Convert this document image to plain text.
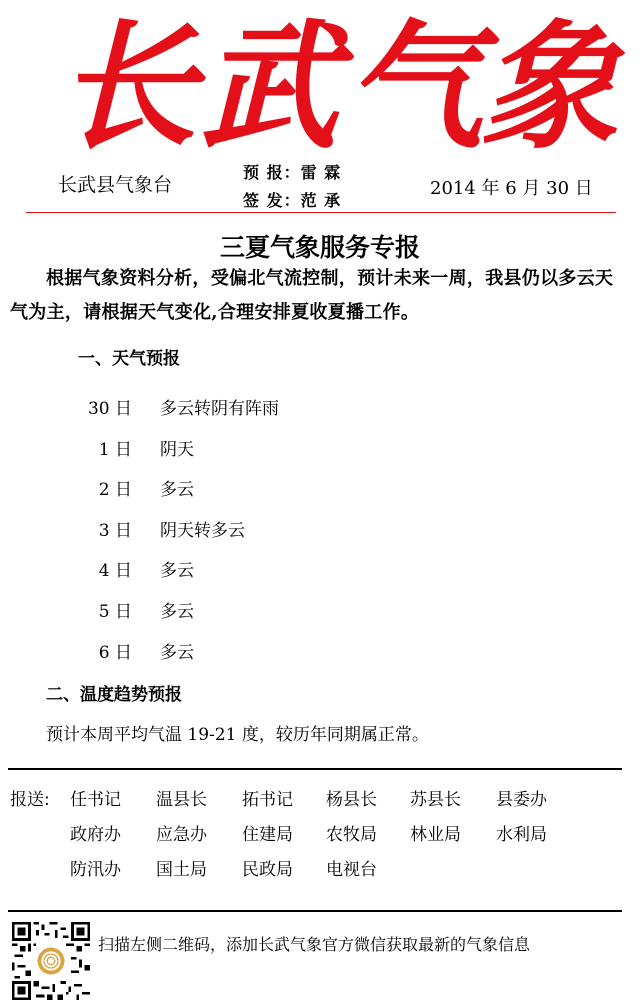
长 武 气
象
长武县气象台
预 报：雷 霖
签 发：范 承
2014 年 6 月 30 日
三夏气象服务专报
根据气象资料分析，受偏北气流控制，预计未来一周，我县仍以多云天气为主，请根据天气变化,合理安排夏收夏播工作。
一、天气预报
30 日 多云转阴有阵雨
1 日 阴天
2 日 多云
3 日 阴天转多云
4 日 多云
5 日 多云
6 日 多云
二、温度趋势预报
预计本周平均气温 19-21 度，较历年同期属正常。
报送: 任书记 温县长 拓书记 杨县长 苏县长 县委办
政府办 应急办 住建局 农牧局 林业局 水利局
防汛办 国土局 民政局 电视台
扫描左侧二维码，添加长武气象官方微信获取最新的气象信息
